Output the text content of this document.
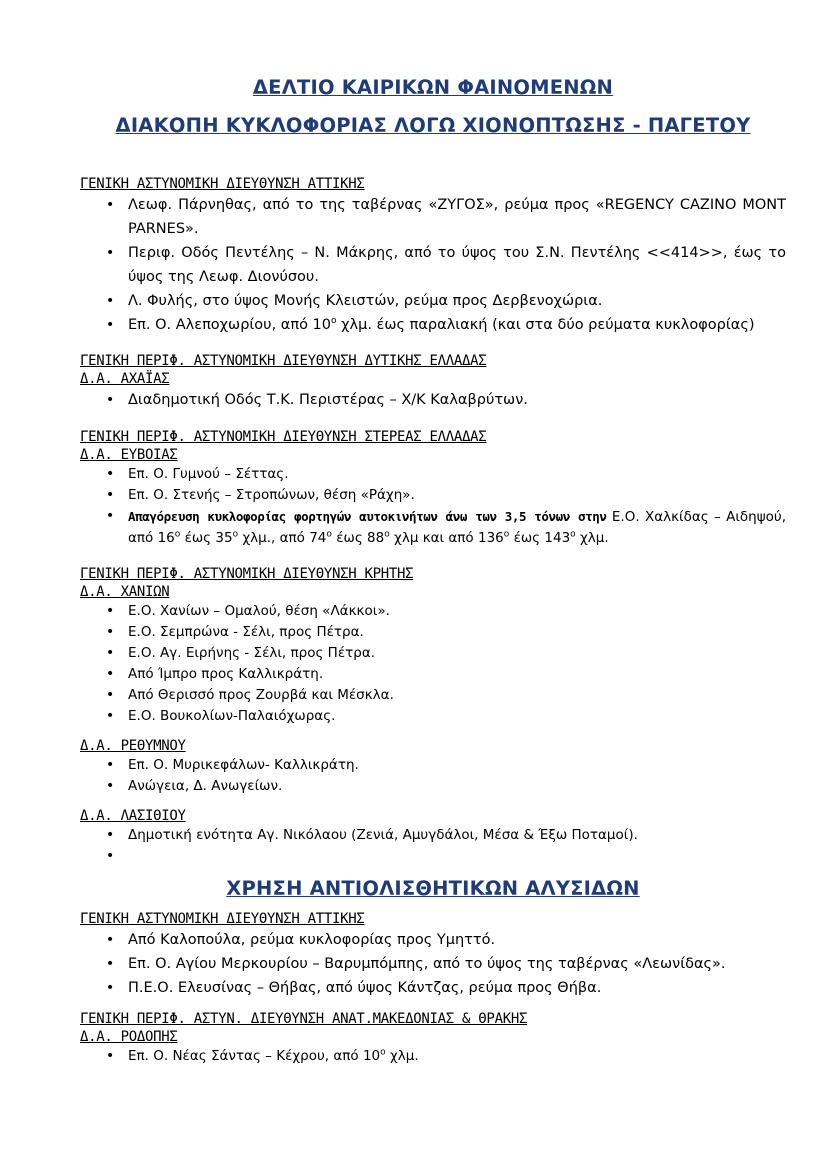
ΔΕΛΤΙΟ ΚΑΙΡΙΚΩΝ ΦΑΙΝΟΜΕΝΩΝ
ΔΙΑΚΟΠΗ ΚΥΚΛΟΦΟΡΙΑΣ ΛΟΓΩ ΧΙΟΝΟΠΤΩΣΗΣ - ΠΑΓΕΤΟΥ

ΓΕΝΙΚΗ ΑΣΤΥΝΟΜΙΚΗ ΔΙΕΥΘΥΝΣΗ ΑΤΤΙΚΗΣ

• Λεωφ. Πάρνηθας, από το της ταβέρνας «ΖΥΓΟΣ», ρεύμα προς «REGENCY CAZINO MONT PARNES».
• Περιφ. Οδός Πεντέλης – Ν. Μάκρης, από το ύψος του Σ.Ν. Πεντέλης <<414>>, έως το ύψος της Λεωφ. Διονύσου.
• Λ. Φυλής, στο ύψος Μονής Κλειστών, ρεύμα προς Δερβενοχώρια.
• Επ. Ο. Αλεποχωρίου, από $10^o$ χλμ. έως παραλιακή (και στα δύο ρεύματα κυκλοφορίας)

ΓΕΝΙΚΗ ΠΕΡΙΦ. ΑΣΤΥΝΟΜΙΚΗ ΔΙΕΥΘΥΝΣΗ ΔΥΤΙΚΗΣ ΕΛΛΑΔΑΣ

Δ.Α. ΑΧΑΪΑΣ

• Διαδημοτική Οδός Τ.Κ. Περιστέρας – Χ/Κ Καλαβρύτων.

ΓΕΝΙΚΗ ΠΕΡΙΦ. ΑΣΤΥΝΟΜΙΚΗ ΔΙΕΥΘΥΝΣΗ ΣΤΕΡΕΑΣ ΕΛΛΑΔΑΣ

Δ.Α. ΕΥΒΟΙΑΣ

• Επ. Ο. Γυμνού – Σέττας.
• Επ. Ο. Στενής – Στροπώνων, θέση «Ράχη».
• Απαγόρευση κυκλοφορίας φορτηγών αυτοκινήτων άνω των 3,5 τόνων στην Ε.Ο. Χαλκίδας – Αιδηψού, από $16^o$ έως $35^o$ χλμ., από $74^o$ έως $88^o$ χλμ και από $136^o$ έως $143^o$ χλμ.

ΓΕΝΙΚΗ ΠΕΡΙΦ. ΑΣΤΥΝΟΜΙΚΗ ΔΙΕΥΘΥΝΣΗ ΚΡΗΤΗΣ

Δ.Α. ΧΑΝΙΩΝ

• Ε.Ο. Χανίων – Ομαλού, θέση «Λάκκοι».
• Ε.Ο. Σεμπρώνα - Σέλι, προς Πέτρα.
• Ε.Ο. Αγ. Ειρήνης - Σέλι, προς Πέτρα.
• Από Ίμπρο προς Καλλικράτη.
• Από Θερισσό προς Ζουρβά και Μέσκλα.
• Ε.Ο. Βουκολίων-Παλαιόχωρας.

Δ.Α. ΡΕΘΥΜΝΟΥ

• Επ. Ο. Μυρικεφάλων- Καλλικράτη.
• Ανώγεια, Δ. Ανωγείων.

Δ.Α. ΛΑΣΙΘΙΟΥ

• Δημοτική ενότητα Αγ. Νικόλαου (Ζενιά, Αμυγδάλοι, Μέσα & Έξω Ποταμοί).
•
ΧΡΗΣΗ ΑΝΤΙΟΛΙΣΘΗΤΙΚΩΝ ΑΛΥΣΙΔΩΝ

ΓΕΝΙΚΗ ΑΣΤΥΝΟΜΙΚΗ ΔΙΕΥΘΥΝΣΗ ΑΤΤΙΚΗΣ

• Από Καλοπούλα, ρεύμα κυκλοφορίας προς Υμηττό.
• Επ. Ο. Αγίου Μερκουρίου – Βαρυμπόμπης, από το ύψος της ταβέρνας «Λεωνίδας».
• Π.Ε.Ο. Ελευσίνας – Θήβας, από ύψος Κάντζας, ρεύμα προς Θήβα.

ΓΕΝΙΚΗ ΠΕΡΙΦ. ΑΣΤΥΝ. ΔΙΕΥΘΥΝΣΗ ΑΝΑΤ.ΜΑΚΕΔΟΝΙΑΣ & ΘΡΑΚΗΣ

Δ.Α. ΡΟΔΟΠΗΣ

• Επ. Ο. Νέας Σάντας – Κέχρου, από $10^o$ χλμ.
